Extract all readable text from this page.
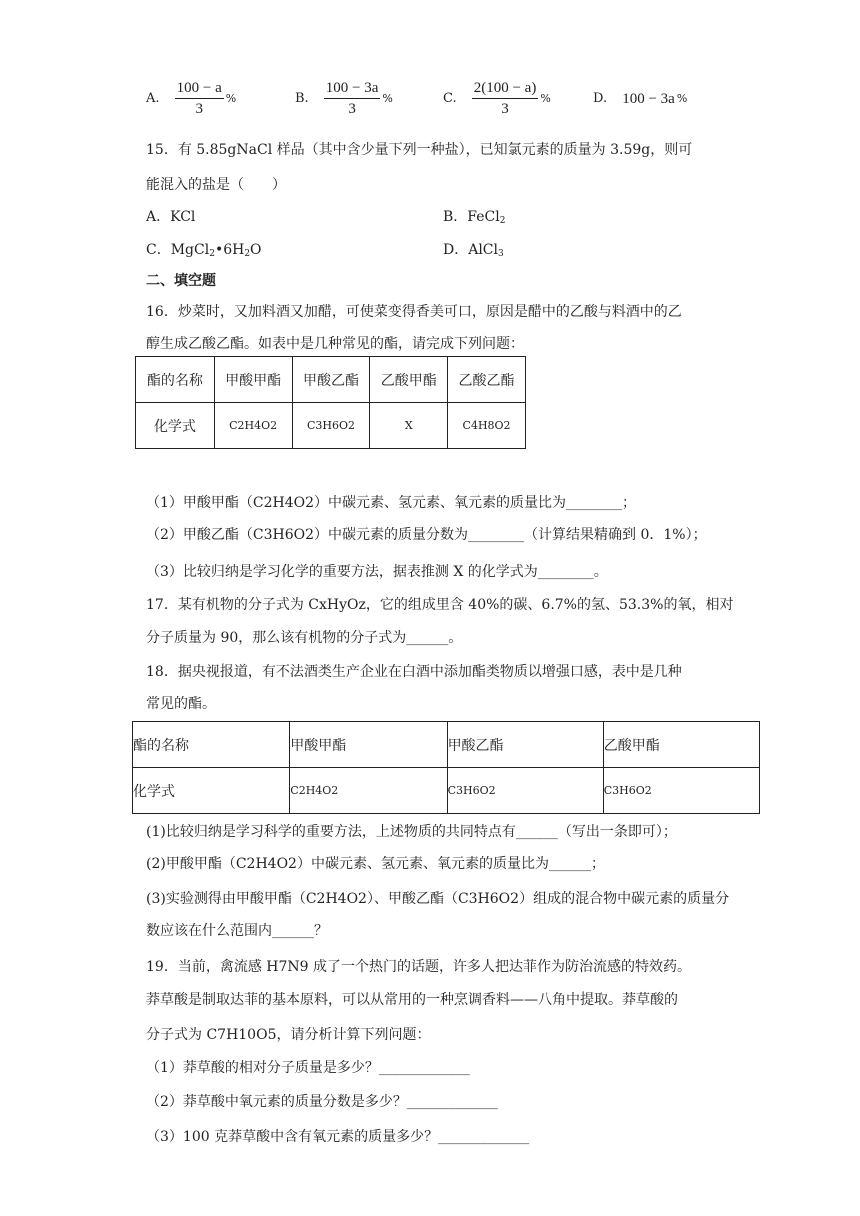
A. $\frac{100 - a}{3}$ %	B. $\frac{100 - 3a}{3}$ %	C. $\frac{2(100 - a)}{3}$ %	D. 100 − 3a %
15．有 5.85gNaCl 样品（其中含少量下列一种盐），已知氯元素的质量为 3.59g，则可
能混入的盐是（　　）
A．KCl	B．FeCl$_2$
C．$MgCl_2•6H_2O$	D．AlCl$_3$
二、填空题
16．炒菜时，又加料酒又加醋，可使菜变得香美可口，原因是醋中的乙酸与料酒中的乙
醇生成乙酸乙酯。如表中是几种常见的酯，请完成下列问题：
酯的名称	甲酸甲酯	甲酸乙酯	乙酸甲酯	乙酸乙酯
化学式	C2H4O2	C3H6O2	X	C4H8O2
（1）甲酸甲酯（C2H4O2）中碳元素、氢元素、氧元素的质量比为________；
（2）甲酸乙酯（C3H6O2）中碳元素的质量分数为________（计算结果精确到 0．1%）；
（3）比较归纳是学习化学的重要方法，据表推测 X 的化学式为________。
17．某有机物的分子式为 CxHyOz，它的组成里含 40%的碳、6.7%的氢、53.3%的氧，相对
分子质量为 90，那么该有机物的分子式为______。
18．据央视报道，有不法酒类生产企业在白酒中添加酯类物质以增强口感，表中是几种
常见的酯。
酯的名称	甲酸甲酯	甲酸乙酯	乙酸甲酯
化学式	C2H4O2	C3H6O2	C3H6O2
(1)比较归纳是学习科学的重要方法，上述物质的共同特点有______（写出一条即可）；
(2)甲酸甲酯（C2H4O2）中碳元素、氢元素、氧元素的质量比为______；
(3)实验测得由甲酸甲酯（C2H4O2）、甲酸乙酯（C3H6O2）组成的混合物中碳元素的质量分
数应该在什么范围内______？
19．当前，禽流感 H7N9 成了一个热门的话题，许多人把达菲作为防治流感的特效药。
莽草酸是制取达菲的基本原料，可以从常用的一种烹调香料——八角中提取。莽草酸的
分子式为 C7H10O5，请分析计算下列问题：
（1）莽草酸的相对分子质量是多少？_____________
（2）莽草酸中氧元素的质量分数是多少？_____________
（3）100 克莽草酸中含有氧元素的质量多少？_____________
